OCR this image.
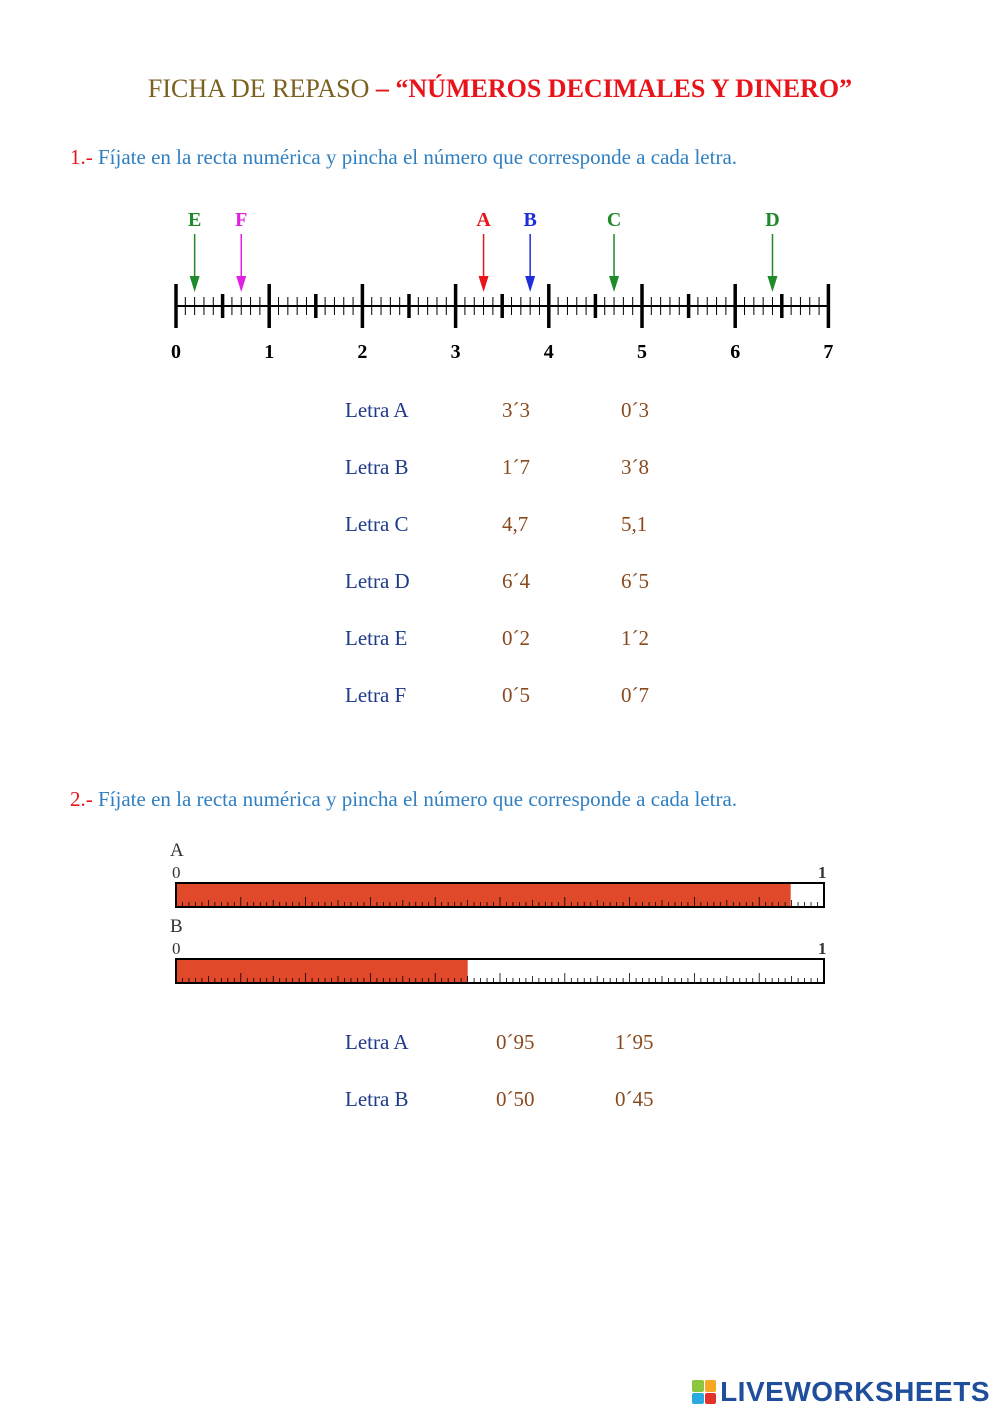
FICHA DE REPASO – “NÚMEROS DECIMALES Y DINERO”
1.- Fíjate en la recta numérica y pincha el número que corresponde a cada letra.
0	1	2	3	4	5	6	7
E F	A B	C	D
Letra A	3´3	0´3
Letra B	1´7	3´8
Letra C	4,7	5,1
Letra D	6´4	6´5
Letra E	0´2	1´2
Letra F	0´5	0´7
2.- Fíjate en la recta numérica y pincha el número que corresponde a cada letra.
A
0	1
B
0	1
Letra A	0´95	1´95
Letra B	0´50	0´45
LIVEWORKSHEETS
